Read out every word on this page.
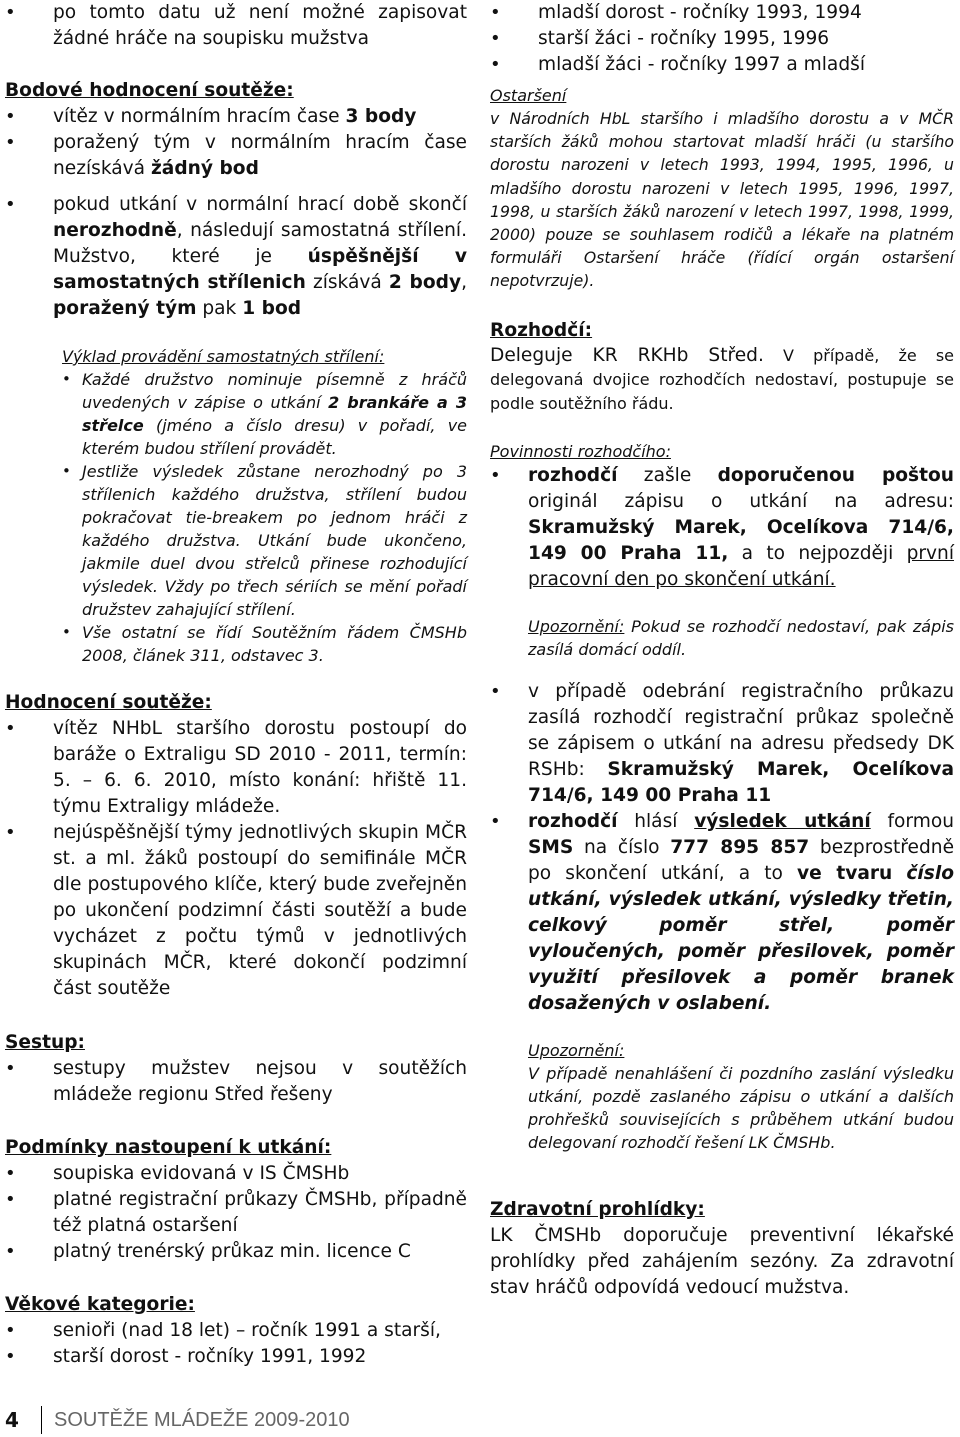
• po tomto datu už není možné zapisovat žádné hráče na soupisku mužstva
Bodové hodnocení soutěže:
• vítěz v normálním hracím čase 3 body
• poražený tým v normálním hracím čase nezískává žádný bod
• pokud utkání v normální hrací době skončí nerozhodně, následují samostatná střílení. Mužstvo, které je úspěšnější v samostatných střílenich získává 2 body, poražený tým pak 1 bod
Výklad provádění samostatných střílení:
• Každé družstvo nominuje písemně z hráčů uvedených v zápise o utkání 2 brankáře a 3 střelce (jméno a číslo dresu) v pořadí, ve kterém budou střílení provádět.
• Jestliže výsledek zůstane nerozhodný po 3 střílenich každého družstva, střílení budou pokračovat tie-breakem po jednom hráči z každého družstva. Utkání bude ukončeno, jakmile duel dvou střelců přinese rozhodující výsledek. Vždy po třech sériích se mění pořadí družstev zahajující střílení.
• Vše ostatní se řídí Soutěžním řádem ČMSHb 2008, článek 311, odstavec 3.
Hodnocení soutěže:
• vítěz NHbL staršího dorostu postoupí do baráže o Extraligu SD 2010 - 2011, termín: 5. – 6. 6. 2010, místo konání: hřiště 11. týmu Extraligy mládeže.
• nejúspěšnější týmy jednotlivých skupin MČR st. a ml. žáků postoupí do semifinále MČR dle postupového klíče, který bude zveřejněn po ukončení podzimní části soutěží a bude vycházet z počtu týmů v jednotlivých skupinách MČR, které dokončí podzimní část soutěže
Sestup:
• sestupy mužstev nejsou v soutěžích mládeže regionu Střed řešeny
Podmínky nastoupení k utkání:
• soupiska evidovaná v IS ČMSHb
• platné registrační průkazy ČMSHb, případně též platná ostaršení
• platný trenérský průkaz min. licence C
Věkové kategorie:
• senioři (nad 18 let) – ročník 1991 a starší,
• starší dorost - ročníky 1991, 1992
• mladší dorost - ročníky 1993, 1994
• starší žáci - ročníky 1995, 1996
• mladší žáci - ročníky 1997 a mladší
Ostaršení
v Národních HbL staršího i mladšího dorostu a v MČR starších žáků mohou startovat mladší hráči (u staršího dorostu narozeni v letech 1993, 1994, 1995, 1996, u mladšího dorostu narozeni v letech 1995, 1996, 1997, 1998, u starších žáků narození v letech 1997, 1998, 1999, 2000) pouze se souhlasem rodičů a lékaře na platném formuláři Ostaršení hráče (řídící orgán ostaršení nepotvrzuje).
Rozhodčí:
Deleguje KR RKHb Střed. V případě, že se delegovaná dvojice rozhodčích nedostaví, postupuje se podle soutěžního řádu.
Povinnosti rozhodčího:
• rozhodčí zašle doporučenou poštou originál zápisu o utkání na adresu: Skramužský Marek, Ocelíkova 714/6, 149 00 Praha 11, a to nejpozději první pracovní den po skončení utkání.
Upozornění: Pokud se rozhodčí nedostaví, pak zápis zasílá domácí oddíl.
• v případě odebrání registračního průkazu zasílá rozhodčí registrační průkaz společně se zápisem o utkání na adresu předsedy DK RSHb: Skramužský Marek, Ocelíkova 714/6, 149 00 Praha 11
• rozhodčí hlásí výsledek utkání formou SMS na číslo 777 895 857 bezprostředně po skončení utkání, a to ve tvaru číslo utkání, výsledek utkání, výsledky třetin, celkový poměr střel, poměr vyloučených, poměr přesilovek, poměr využití přesilovek a poměr branek dosažených v oslabení.
Upozornění:
V případě nenahlášení či pozdního zaslání výsledku utkání, pozdě zaslaného zápisu o utkání a dalších prohřešků souvisejících s průběhem utkání budou delegovaní rozhodčí řešení LK ČMSHb.
Zdravotní prohlídky:
LK ČMSHb doporučuje preventivní lékařské prohlídky před zahájením sezóny. Za zdravotní stav hráčů odpovídá vedoucí mužstva.
4	SOUTĚŽE MLÁDEŽE 2009-2010
